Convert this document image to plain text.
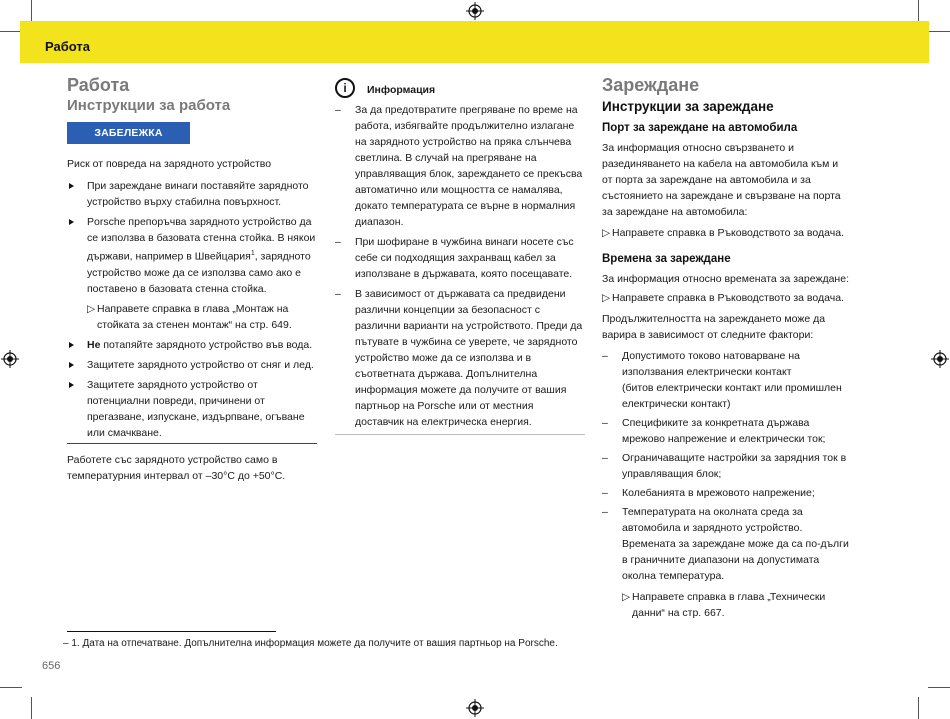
Работа
Работа
Инструкции за работа
ЗАБЕЛЕЖКА

Риск от повреда на зарядното устройство

При зареждане винаги поставяйте зарядното устройство върху стабилна повърхност.
Porsche препоръчва зарядното устройство да се използва в базовата стенна стойка. В някои държави, например в Швейцария$^1$, зарядното устройство може да се използва само ако е поставено в базовата стенна стойка.
▷ Направете справка в глава „Монтаж на стойката за стенен монтаж“ на стр. 649.
Не потапяйте зарядното устройство във вода.
Защитете зарядното устройство от сняг и лед.
Защитете зарядното устройство от потенциални повреди, причинени от прегазване, изпускане, издърпване, огъване или смачкване.

Работете със зарядното устройство само в температурния интервал от –30°C до +50°C.

i	Информация
– За да предотвратите прегряване по време на работа, избягвайте продължително излагане на зарядното устройство на пряка слънчева светлина. В случай на прегряване на управляващия блок, зареждането се прекъсва автоматично или мощността се намалява, докато температурата се върне в нормалния диапазон.
– При шофиране в чужбина винаги носете със себе си подходящия захранващ кабел за използване в държавата, която посещавате.
– В зависимост от държавата са предвидени различни концепции за безопасност с различни варианти на устройството. Преди да пътувате в чужбина се уверете, че зарядното устройство може да се използва и в съответната държава. Допълнителна информация можете да получите от вашия партньор на Porsche или от местния доставчик на електрическа енергия.
Зареждане
Инструкции за зареждане
Порт за зареждане на автомобила

За информация относно свързването и разединяването на кабела на автомобила към и от порта за зареждане на автомобила и за състоянието на зареждане и свързване на порта за зареждане на автомобила:

▷ Направете справка в Ръководството за водача.
Времена за зареждане

За информация относно времената за зареждане:

▷ Направете справка в Ръководството за водача.

Продължителността на зареждането може да варира в зависимост от следните фактори:

– Допустимото токово натоварване на използвания електрически контакт
(битов електрически контакт или промишлен електрически контакт)
– Спецификите за конкретната държава мрежово напрежение и електрически ток;
– Ограничаващите настройки за зарядния ток в управляващия блок;
– Колебанията в мрежовото напрежение;
– Температурата на околната среда за автомобила и зарядното устройство. Времената за зареждане може да са по-дълги в граничните диапазони на допустимата околна температура.
▷ Направете справка в глава „Технически данни“ на стр. 667.
– 1. Дата на отпечатване. Допълнителна информация можете да получите от вашия партньор на Porsche.
656
